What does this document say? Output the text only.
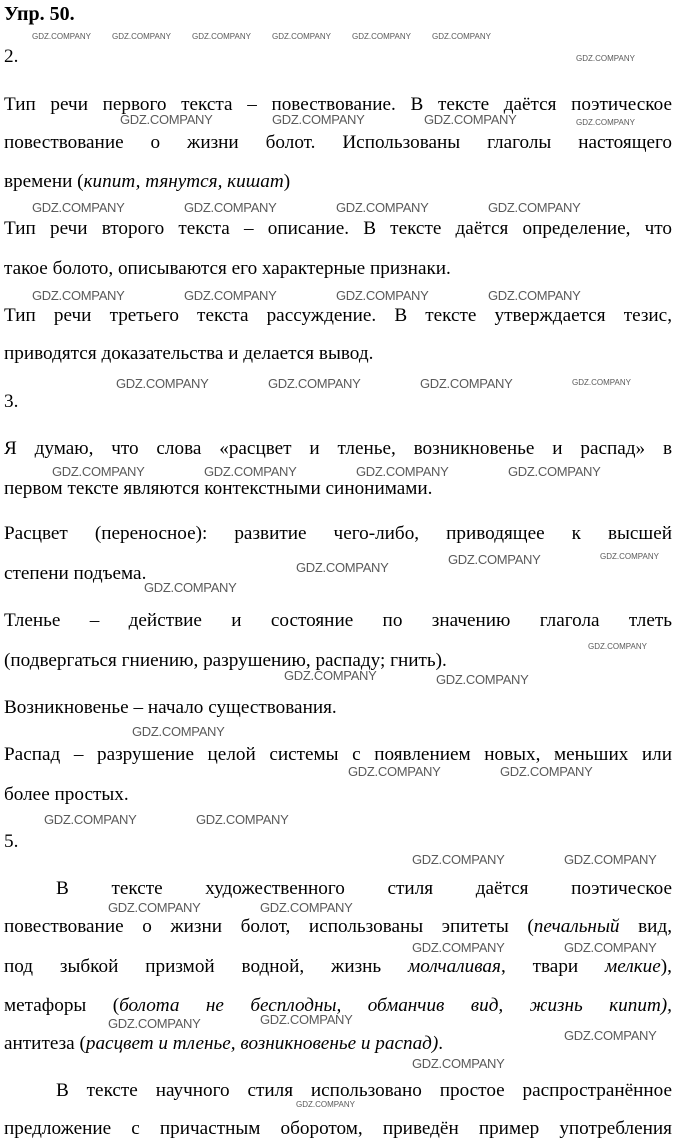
Упр. 50.
2.
Тип речи первого текста – повествование. В тексте даётся поэтическое
повествование о жизни болот. Использованы глаголы настоящего
времени (кипит, тянутся, кишат)
Тип речи второго текста – описание. В тексте даётся определение, что
такое болото, описываются его характерные признаки.
Тип речи третьего текста рассуждение. В тексте утверждается тезис,
приводятся доказательства и делается вывод.
3.
Я думаю, что слова «расцвет и тленье, возникновенье и распад» в
первом тексте являются контекстными синонимами.
Расцвет (переносное): развитие чего-либо, приводящее к высшей
степени подъема.
Тленье – действие и состояние по значению глагола тлеть
(подвергаться гниению, разрушению, распаду; гнить).
Возникновенье – начало существования.
Распад – разрушение целой системы с появлением новых, меньших или
более простых.
5.
В тексте художественного стиля даётся поэтическое
повествование о жизни болот, использованы эпитеты (печальный вид,
под зыбкой призмой водной, жизнь молчаливая, твари мелкие),
метафоры (болота не бесплодны, обманчив вид, жизнь кипит),
антитеза (расцвет и тленье, возникновенье и распад).
В тексте научного стиля использовано простое распространённое
предложение с причастным оборотом, приведён пример употребления
GDZ.COMPANY	GDZ.COMPANY	GDZ.COMPANY	GDZ.COMPANY	GDZ.COMPANY	GDZ.COMPANY
GDZ.COMPANY
GDZ.COMPANY
GDZ.COMPANY	GDZ.COMPANY	GDZ.COMPANY
GDZ.COMPANY	GDZ.COMPANY	GDZ.COMPANY	GDZ.COMPANY
GDZ.COMPANY	GDZ.COMPANY	GDZ.COMPANY	GDZ.COMPANY
GDZ.COMPANY	GDZ.COMPANY	GDZ.COMPANY	GDZ.COMPANY
GDZ.COMPANY	GDZ.COMPANY	GDZ.COMPANY	GDZ.COMPANY
GDZ.COMPANY	GDZ.COMPANY
GDZ.COMPANY
GDZ.COMPANY
GDZ.COMPANY
GDZ.COMPANY	GDZ.COMPANY
GDZ.COMPANY
GDZ.COMPANY	GDZ.COMPANY
GDZ.COMPANY	GDZ.COMPANY
GDZ.COMPANY	GDZ.COMPANY
GDZ.COMPANY	GDZ.COMPANY
GDZ.COMPANY	GDZ.COMPANY
GDZ.COMPANY	GDZ.COMPANY
GDZ.COMPANY
GDZ.COMPANY
GDZ.COMPANY
